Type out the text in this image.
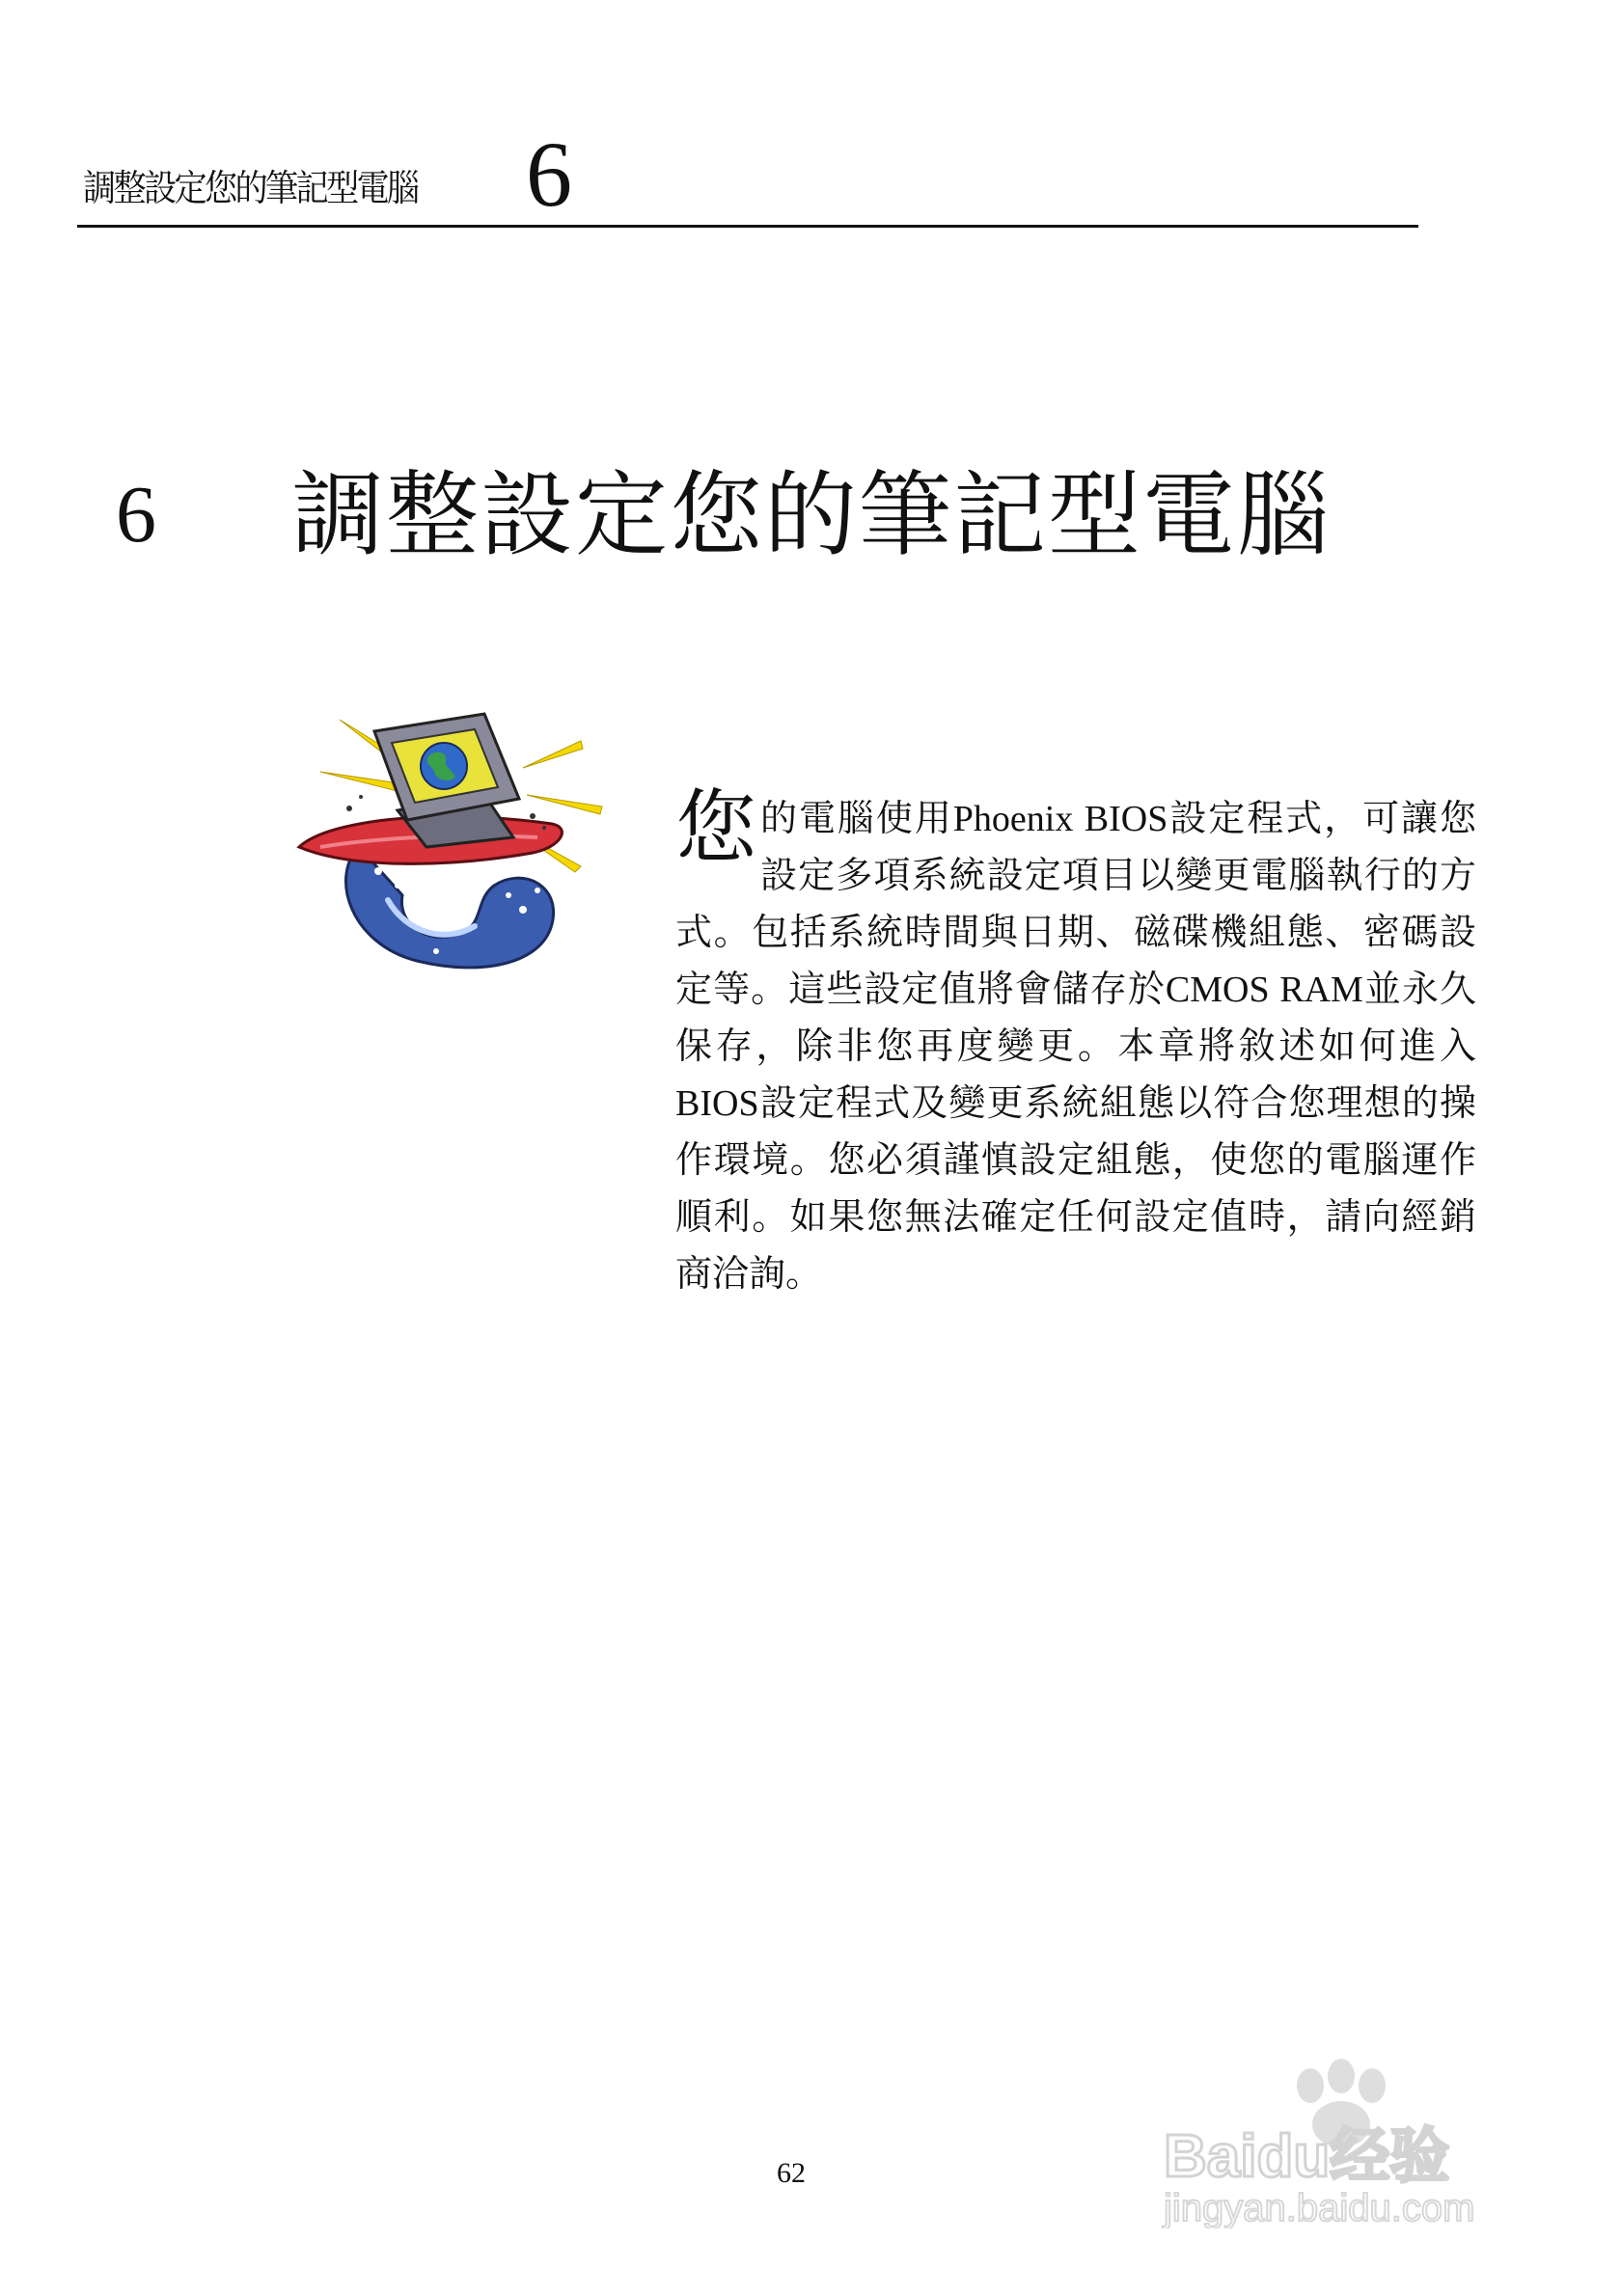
調整設定您的筆記型電腦 6
6 調整設定您的筆記型電腦
您的電腦使用Phoenix BIOS設定程式，可讓您設定多項系統設定項目以變更電腦執行的方式。包括系統時間與日期、磁碟機組態、密碼設定等。這些設定值將會儲存於CMOS RAM並永久保存，除非您再度變更。本章將敘述如何進入BIOS設定程式及變更系統組態以符合您理想的操作環境。您必須謹慎設定組態，使您的電腦運作順利。如果您無法確定任何設定值時，請向經銷商洽詢。
62	Baidu经验
jingyan.baidu.com
